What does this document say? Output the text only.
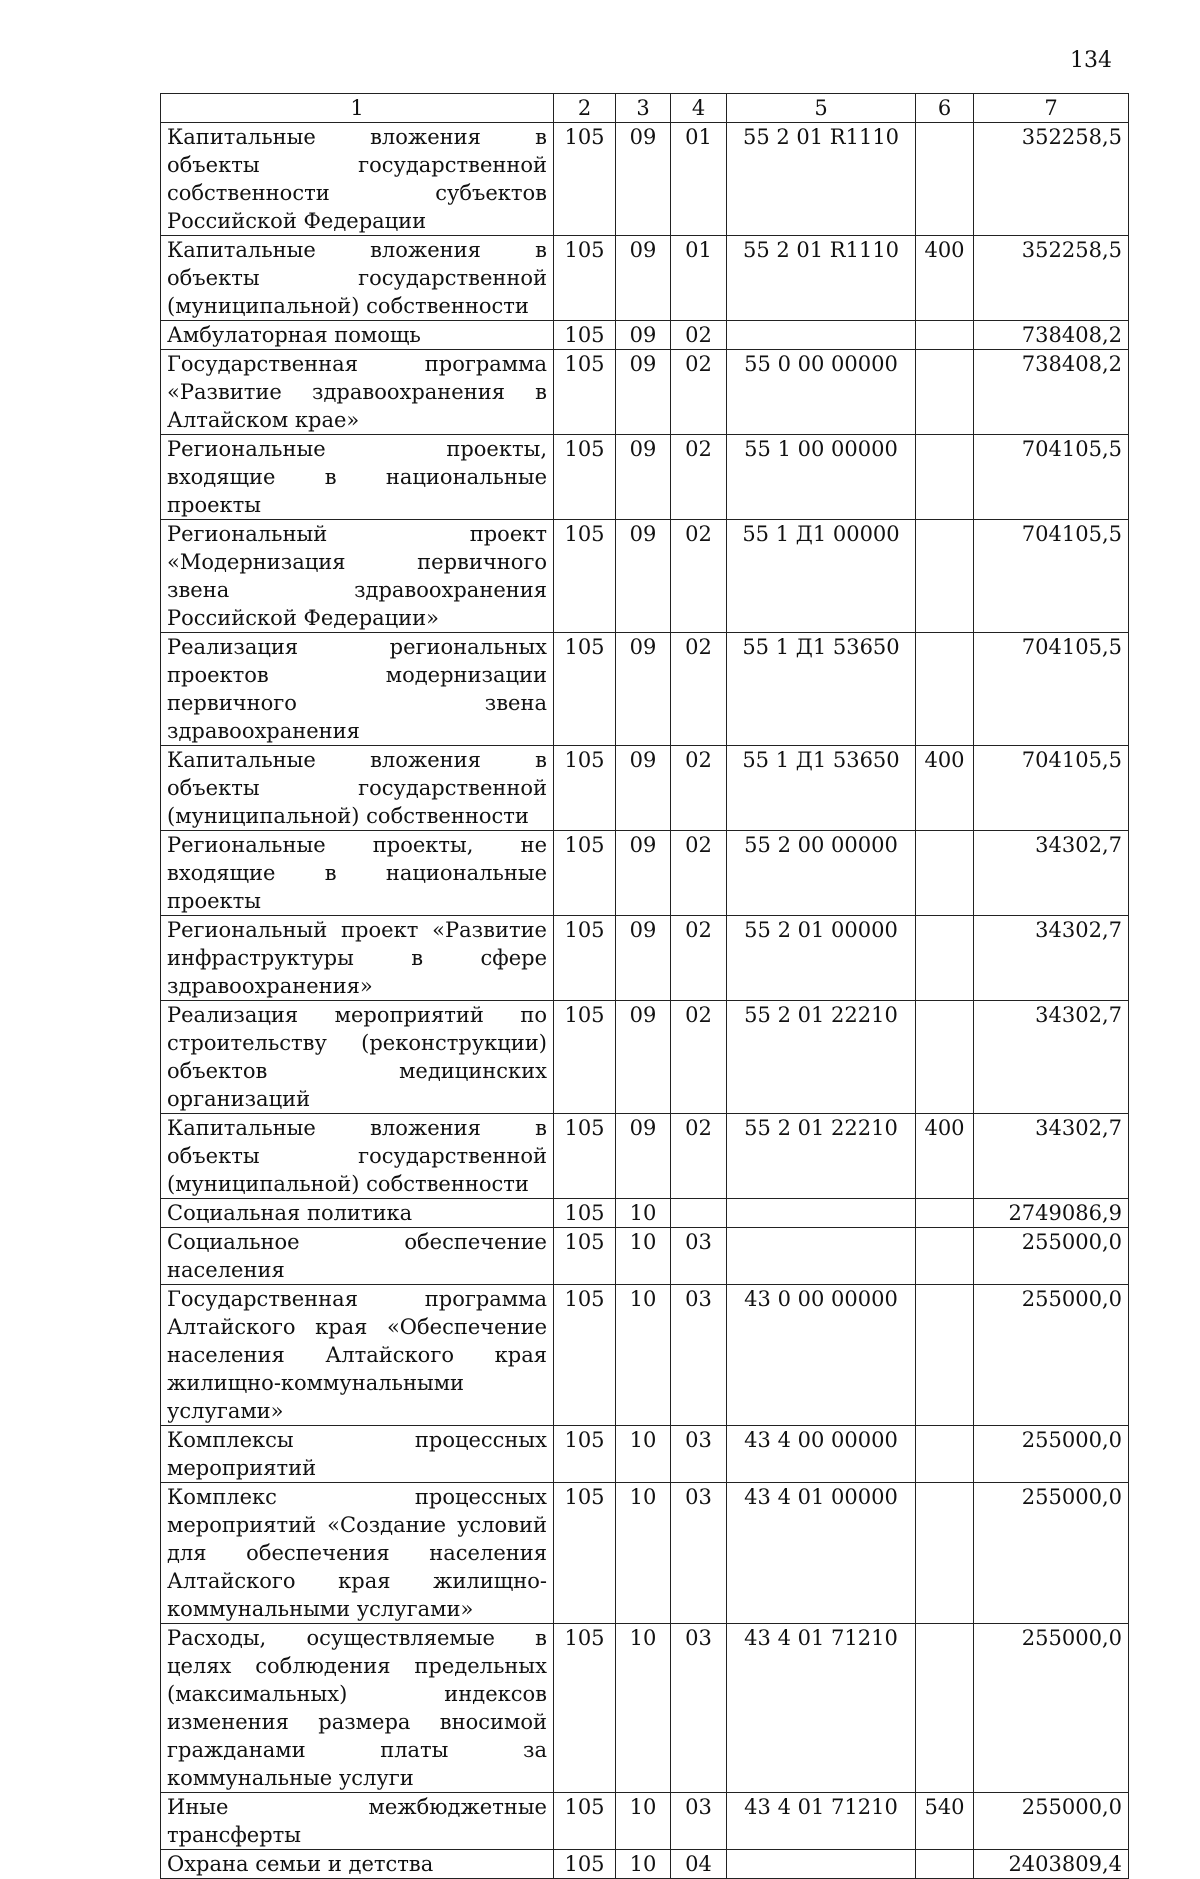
134
1	2	3	4	5	6	7
Капитальные вложения в объекты государственной собственности субъектов Российской Федерации	105	09	01	55 2 01 R1110		352258,5
Капитальные вложения в объекты государственной (муниципальной) собственности	105	09	01	55 2 01 R1110	400	352258,5
Амбулаторная помощь	105	09	02			738408,2
Государственная программа «Развитие здравоохранения в Алтайском крае»	105	09	02	55 0 00 00000		738408,2
Региональные проекты, входящие в национальные проекты	105	09	02	55 1 00 00000		704105,5
Региональный проект «Модернизация первичного звена здравоохранения Российской Федерации»	105	09	02	55 1 Д1 00000		704105,5
Реализация региональных проектов модернизации первичного звена здравоохранения	105	09	02	55 1 Д1 53650		704105,5
Капитальные вложения в объекты государственной (муниципальной) собственности	105	09	02	55 1 Д1 53650	400	704105,5
Региональные проекты, не входящие в национальные проекты	105	09	02	55 2 00 00000		34302,7
Региональный проект «Развитие инфраструктуры в сфере здравоохранения»	105	09	02	55 2 01 00000		34302,7
Реализация мероприятий по строительству (реконструкции) объектов медицинских организаций	105	09	02	55 2 01 22210		34302,7
Капитальные вложения в объекты государственной (муниципальной) собственности	105	09	02	55 2 01 22210	400	34302,7
Социальная политика	105	10				2749086,9
Социальное обеспечение населения	105	10	03			255000,0
Государственная программа Алтайского края «Обеспечение населения Алтайского края жилищно-коммунальными услугами»	105	10	03	43 0 00 00000		255000,0
Комплексы процессных мероприятий	105	10	03	43 4 00 00000		255000,0
Комплекс процессных мероприятий «Создание условий для обеспечения населения Алтайского края жилищно-коммунальными услугами»	105	10	03	43 4 01 00000		255000,0
Расходы, осуществляемые в целях соблюдения предельных (максимальных) индексов изменения размера вносимой гражданами платы за коммунальные услуги	105	10	03	43 4 01 71210		255000,0
Иные межбюджетные трансферты	105	10	03	43 4 01 71210	540	255000,0
Охрана семьи и детства	105	10	04			2403809,4
